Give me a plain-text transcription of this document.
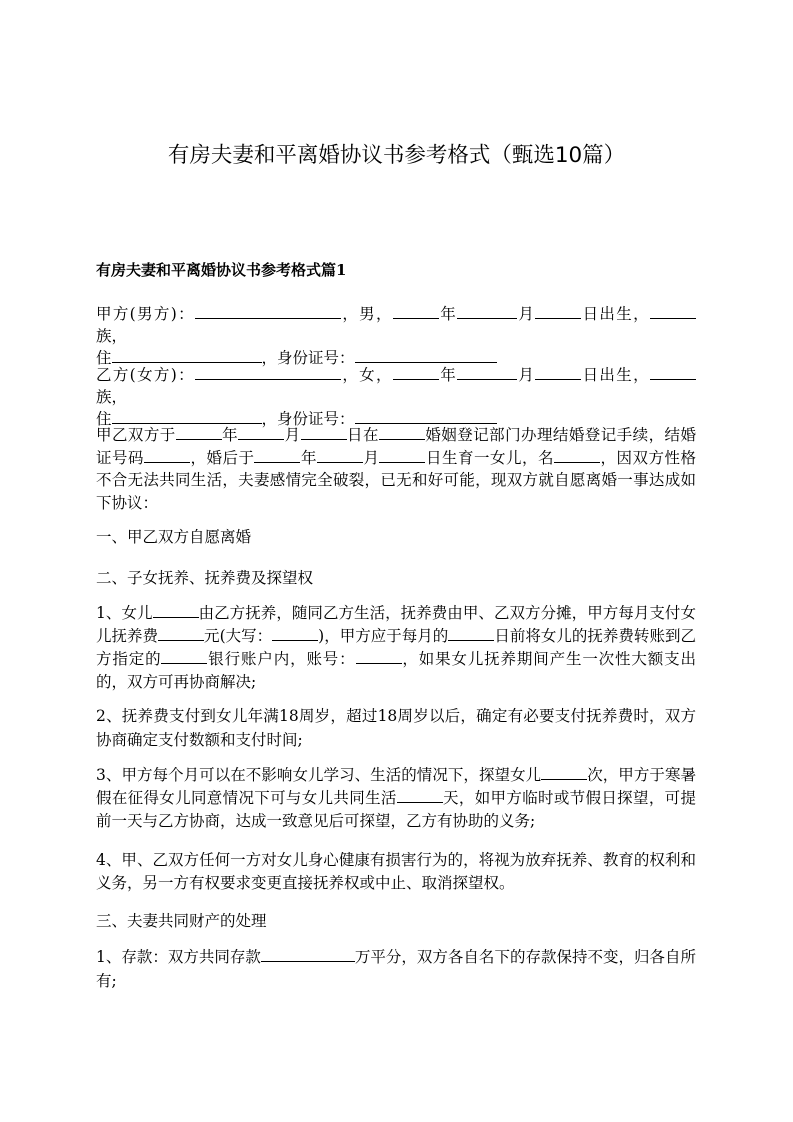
有房夫妻和平离婚协议书参考格式（甄选10篇）
有房夫妻和平离婚协议书参考格式篇1
甲方(男方)：	，男，	年	月	日出生，族，
住	，身份证号：
乙方(女方)：	，女，	年	月	日出生，族，
住	，身份证号：
甲乙双方于	年	月	日在	婚姻登记部门办理结婚登记手续，结婚证号码	，婚后于	年	月	日生育一女儿，名	，因双方性格不合无法共同生活，夫妻感情完全破裂，已无和好可能，现双方就自愿离婚一事达成如下协议：
一、甲乙双方自愿离婚
二、子女抚养、抚养费及探望权
1、女儿	由乙方抚养，随同乙方生活，抚养费由甲、乙双方分摊，甲方每月支付女儿抚养费	元(大写：	)，甲方应于每月的	日前将女儿的抚养费转账到乙方指定的	银行账户内，账号：	，如果女儿抚养期间产生一次性大额支出的，双方可再协商解决;
2、抚养费支付到女儿年满18周岁，超过18周岁以后，确定有必要支付抚养费时，双方协商确定支付数额和支付时间;
3、甲方每个月可以在不影响女儿学习、生活的情况下，探望女儿	次，甲方于寒暑假在征得女儿同意情况下可与女儿共同生活	天，如甲方临时或节假日探望，可提前一天与乙方协商，达成一致意见后可探望，乙方有协助的义务;
4、甲、乙双方任何一方对女儿身心健康有损害行为的，将视为放弃抚养、教育的权利和义务，另一方有权要求变更直接抚养权或中止、取消探望权。
三、夫妻共同财产的处理
1、存款：双方共同存款	万平分，双方各自名下的存款保持不变，归各自所有;
